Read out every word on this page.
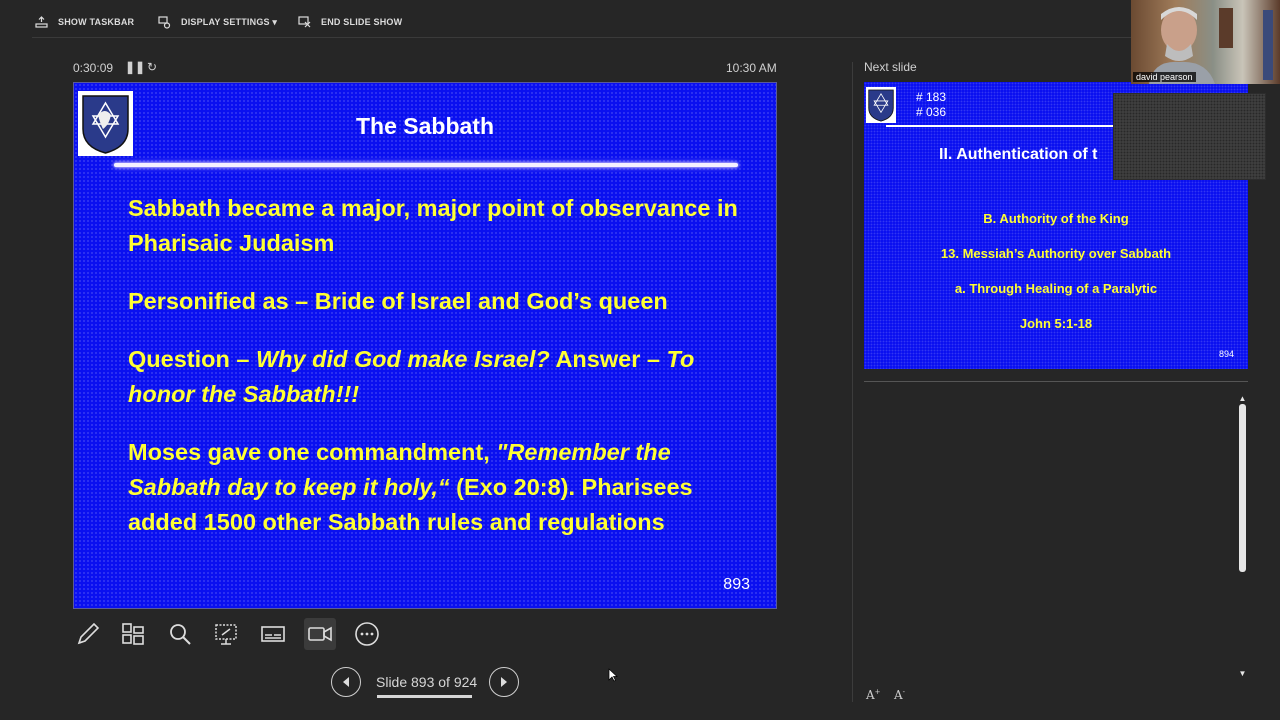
SHOW TASKBAR	DISPLAY SETTINGS ▾	END SLIDE SHOW
0:30:09 ❚❚ ↻	10:30 AM
The Sabbath

Sabbath became a major, major point of observance in Pharisaic Judaism

Personified as – Bride of Israel and God’s queen

Question – Why did God make Israel? Answer – To honor the Sabbath!!!

Moses gave one commandment, "Remember the Sabbath day to keep it holy,“ (Exo 20:8). Pharisees added 1500 other Sabbath rules and regulations

893
Slide 893 of 924
Next slide
# 183
# 036
II. Authentication of t
B. Authority of the King
13. Messiah’s Authority over Sabbath
a. Through Healing of a Paralytic
John 5:1-18
894
▲
▼
A+ A-
david pearson
